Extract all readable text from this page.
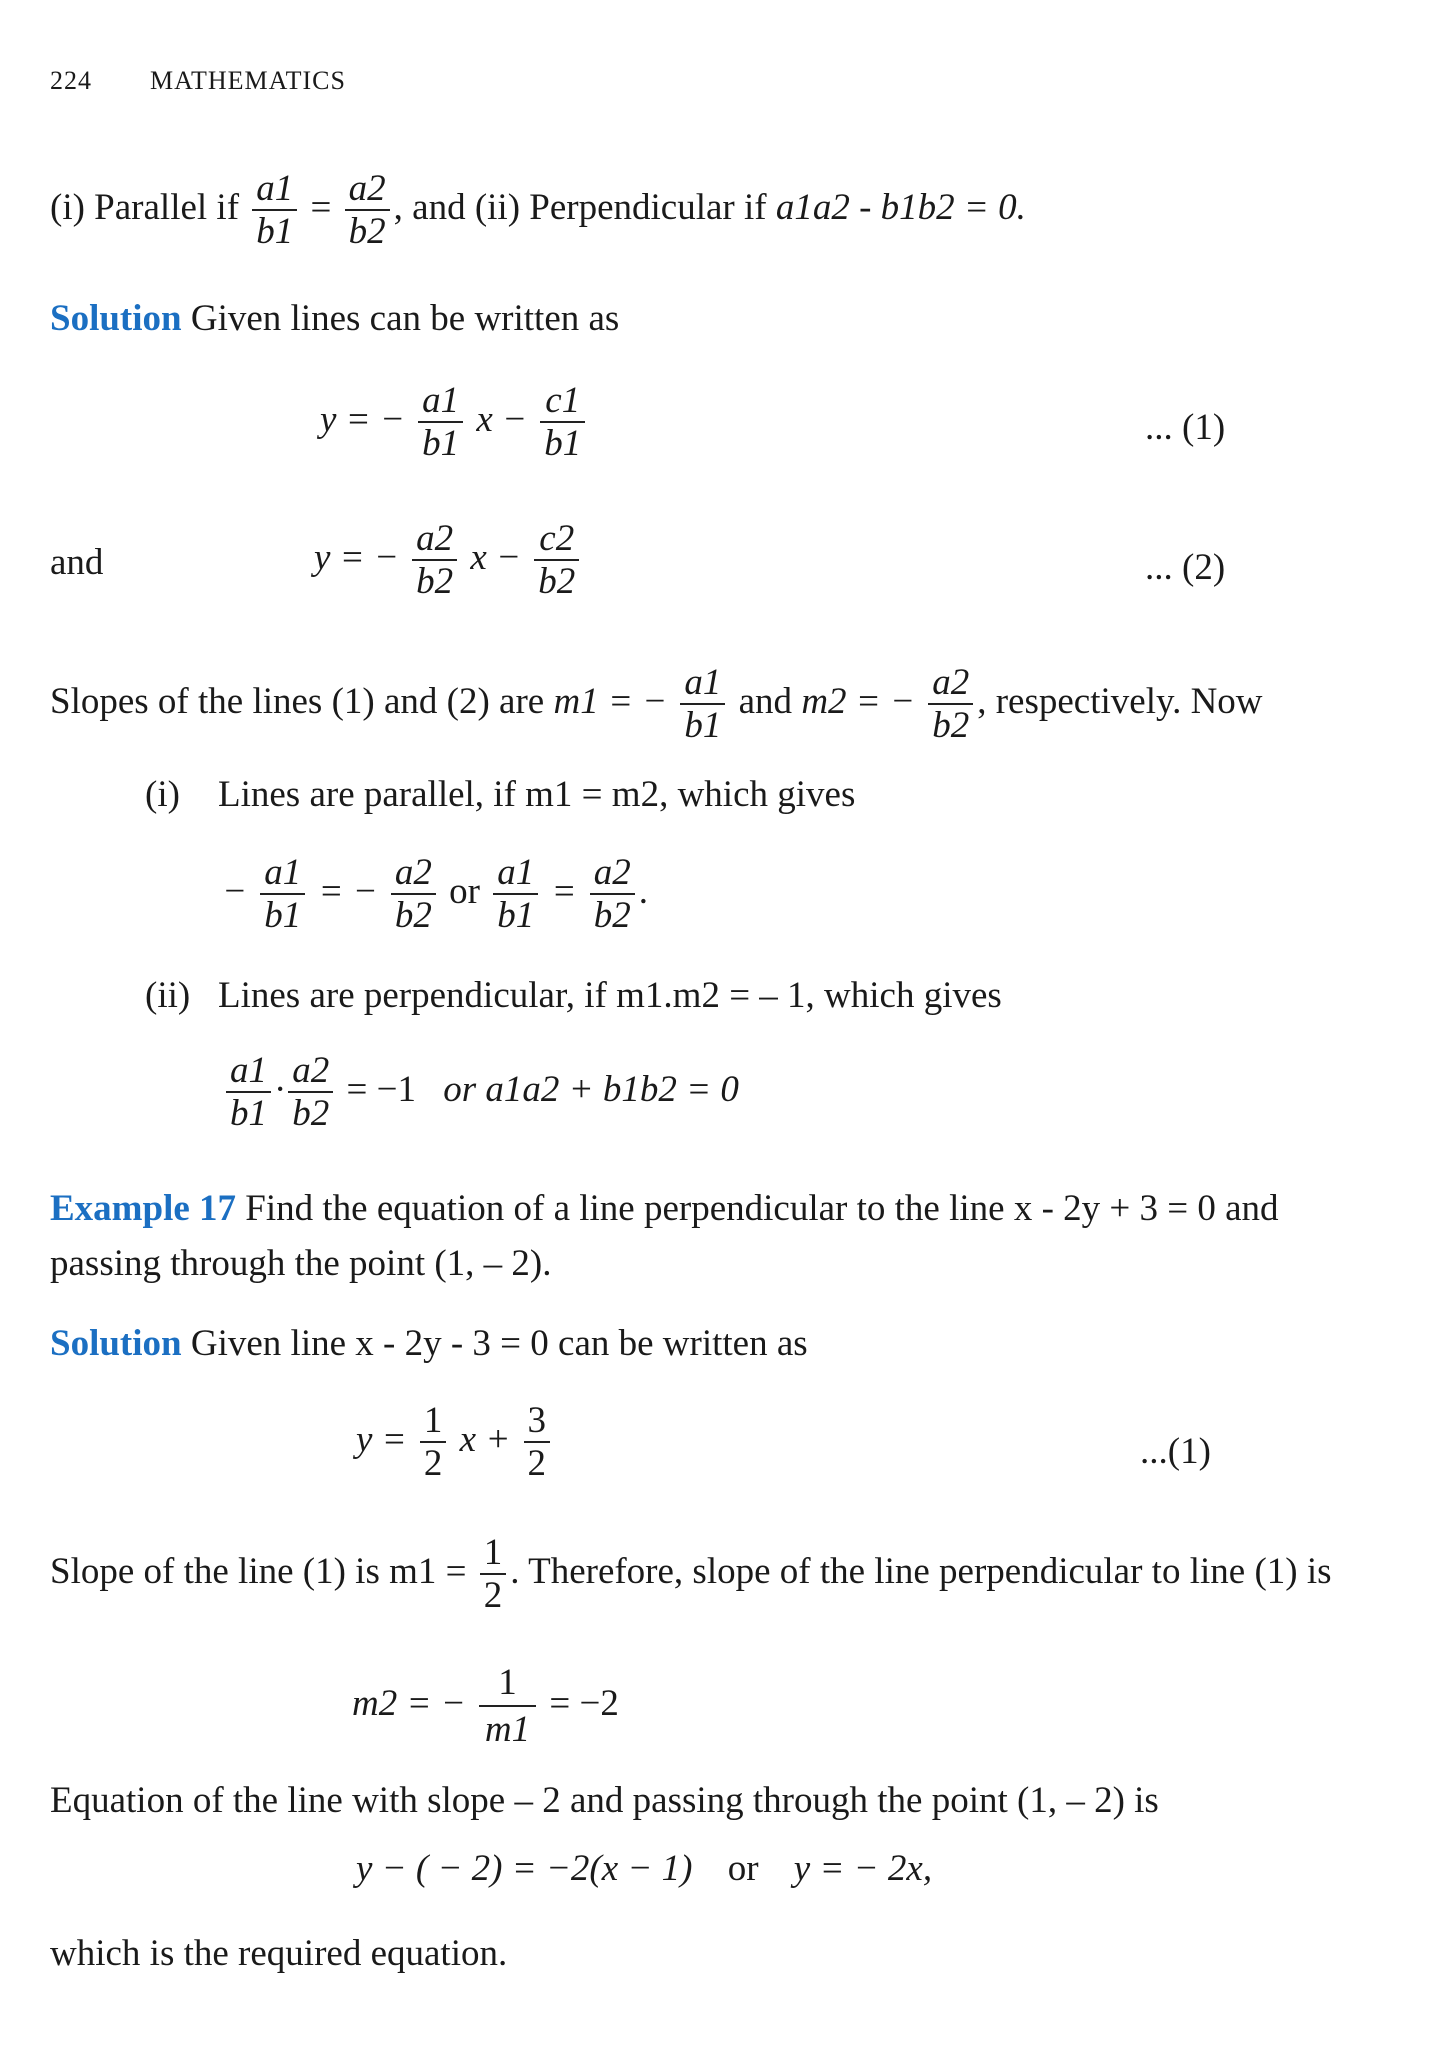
224 MATHEMATICS
(i) Parallel if $\frac{a1}{b1} = \frac{a2}{b2}$ , and (ii) Perpendicular if a1a2 - b1b2 = 0.
Solution Given lines can be written as
y = − $\frac{a1}{b1}$ $x - \frac{c1}{b1}$	... (1)
and	y = − $\frac{a2}{b2}$ $x - \frac{c2}{b2}$	... (2)
Slopes of the lines (1) and (2) are m1 = − $\frac{a1}{b1}$ and m2 = − $\frac{a2}{b2}$ , respectively. Now
(i) Lines are parallel, if m1 = m2, which gives
− $\frac{a1}{b1}$ = − $\frac{a2}{b2}$ or $\frac{a1}{b1} = \frac{a2}{b2}$ .
(ii) Lines are perpendicular, if m1.m2 = – 1, which gives
$\frac{a1}{b1} \cdot \frac{a2}{b2} = -1$ or a1a2 + b1b2 = 0
Example 17 Find the equation of a line perpendicular to the line x - 2y + 3 = 0 and
passing through the point (1, – 2).
Solution Given line x - 2y - 3 = 0 can be written as
$y = \frac{1}{2}$ $x + \frac{3}{2}$	...(1)
Slope of the line (1) is $m1 = \frac{1}{2}$ . Therefore, slope of the line perpendicular to line (1) is
m2 = − $\frac{1}{m1} = -2$
Equation of the line with slope – 2 and passing through the point (1, – 2) is
y − ( − 2) = −2(x − 1) or y = − 2x,
which is the required equation.
